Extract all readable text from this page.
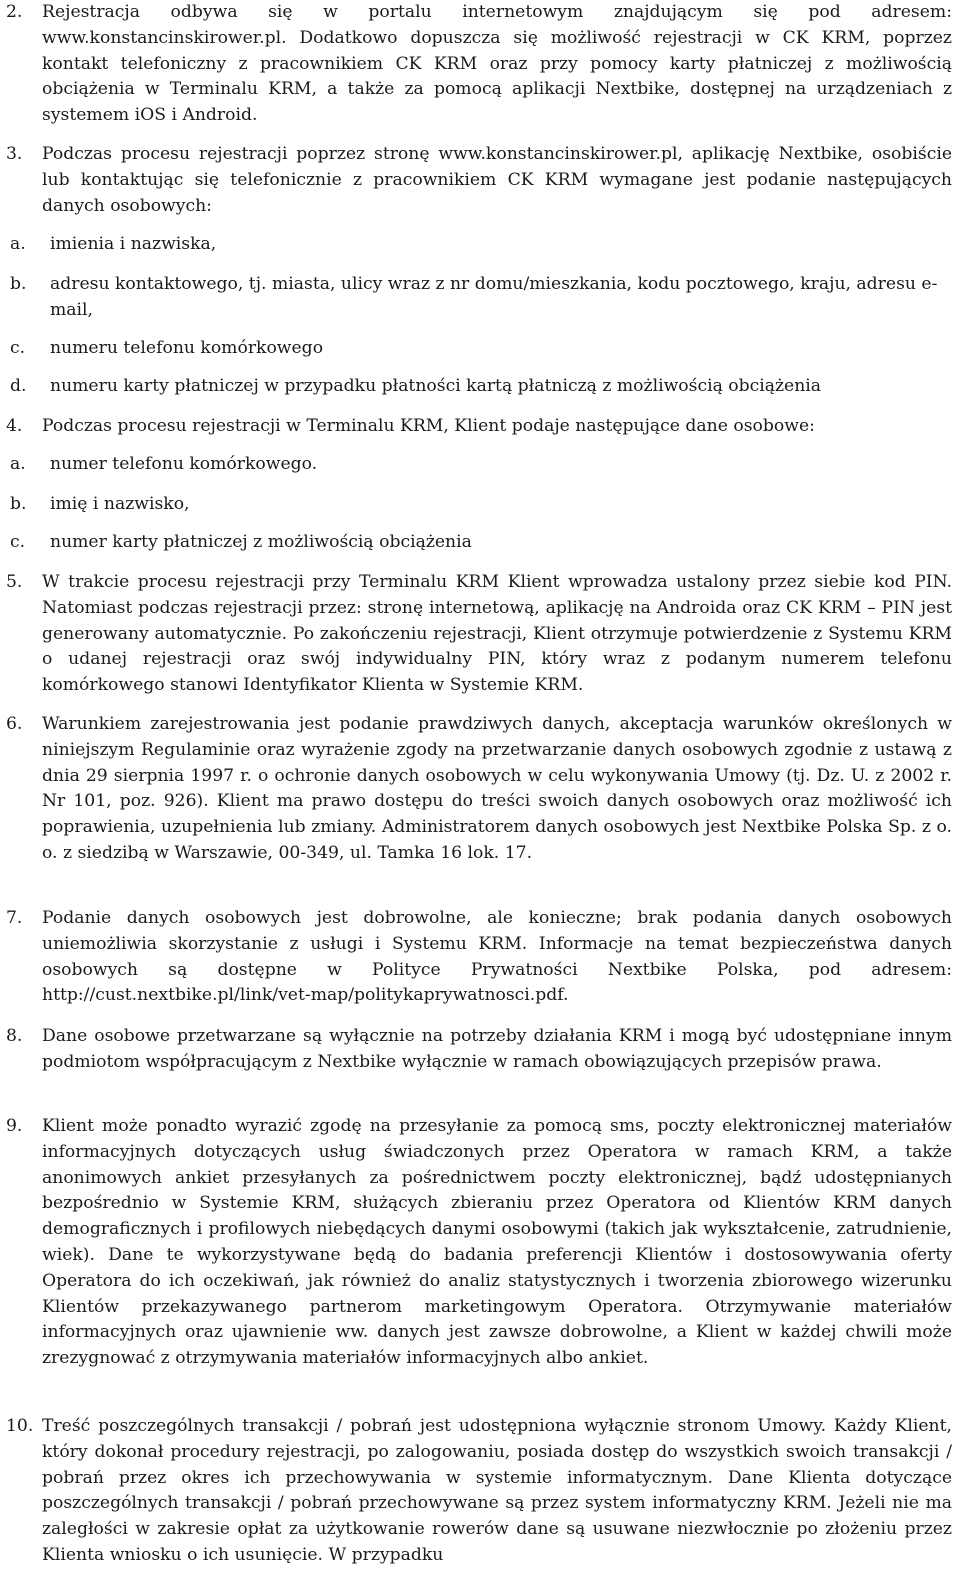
2. Rejestracja odbywa się w portalu internetowym znajdującym się pod adresem: www.konstancinskirower.pl. Dodatkowo dopuszcza się możliwość rejestracji w CK KRM, poprzez kontakt telefoniczny z pracownikiem CK KRM oraz przy pomocy karty płatniczej z możliwością obciążenia w Terminalu KRM, a także za pomocą aplikacji Nextbike, dostępnej na urządzeniach z systemem iOS i Android.
3. Podczas procesu rejestracji poprzez stronę www.konstancinskirower.pl, aplikację Nextbike, osobiście lub kontaktując się telefonicznie z pracownikiem CK KRM wymagane jest podanie następujących danych osobowych:
a. imienia i nazwiska,
b. adresu kontaktowego, tj. miasta, ulicy wraz z nr domu/mieszkania, kodu pocztowego, kraju, adresu e-mail,
c. numeru telefonu komórkowego
d. numeru karty płatniczej w przypadku płatności kartą płatniczą z możliwością obciążenia
4. Podczas procesu rejestracji w Terminalu KRM, Klient podaje następujące dane osobowe:
a. numer telefonu komórkowego.
b. imię i nazwisko,
c. numer karty płatniczej z możliwością obciążenia
5. W trakcie procesu rejestracji przy Terminalu KRM Klient wprowadza ustalony przez siebie kod PIN. Natomiast podczas rejestracji przez: stronę internetową, aplikację na Androida oraz CK KRM – PIN jest generowany automatycznie. Po zakończeniu rejestracji, Klient otrzymuje potwierdzenie z Systemu KRM o udanej rejestracji oraz swój indywidualny PIN, który wraz z podanym numerem telefonu komórkowego stanowi Identyfikator Klienta w Systemie KRM.
6. Warunkiem zarejestrowania jest podanie prawdziwych danych, akceptacja warunków określonych w niniejszym Regulaminie oraz wyrażenie zgody na przetwarzanie danych osobowych zgodnie z ustawą z dnia 29 sierpnia 1997 r. o ochronie danych osobowych w celu wykonywania Umowy (tj. Dz. U. z 2002 r. Nr 101, poz. 926). Klient ma prawo dostępu do treści swoich danych osobowych oraz możliwość ich poprawienia, uzupełnienia lub zmiany. Administratorem danych osobowych jest Nextbike Polska Sp. z o. o. z siedzibą w Warszawie, 00-349, ul. Tamka 16 lok. 17.
7. Podanie danych osobowych jest dobrowolne, ale konieczne; brak podania danych osobowych uniemożliwia skorzystanie z usługi i Systemu KRM. Informacje na temat bezpieczeństwa danych osobowych są dostępne w Polityce Prywatności Nextbike Polska, pod adresem: http://cust.nextbike.pl/link/vet-map/politykaprywatnosci.pdf.
8. Dane osobowe przetwarzane są wyłącznie na potrzeby działania KRM i mogą być udostępniane innym podmiotom współpracującym z Nextbike wyłącznie w ramach obowiązujących przepisów prawa.
9. Klient może ponadto wyrazić zgodę na przesyłanie za pomocą sms, poczty elektronicznej materiałów informacyjnych dotyczących usług świadczonych przez Operatora w ramach KRM, a także anonimowych ankiet przesyłanych za pośrednictwem poczty elektronicznej, bądź udostępnianych bezpośrednio w Systemie KRM, służących zbieraniu przez Operatora od Klientów KRM danych demograficznych i profilowych niebędących danymi osobowymi (takich jak wykształcenie, zatrudnienie, wiek). Dane te wykorzystywane będą do badania preferencji Klientów i dostosowywania oferty Operatora do ich oczekiwań, jak również do analiz statystycznych i tworzenia zbiorowego wizerunku Klientów przekazywanego partnerom marketingowym Operatora. Otrzymywanie materiałów informacyjnych oraz ujawnienie ww. danych jest zawsze dobrowolne, a Klient w każdej chwili może zrezygnować z otrzymywania materiałów informacyjnych albo ankiet.
10. Treść poszczególnych transakcji / pobrań jest udostępniona wyłącznie stronom Umowy. Każdy Klient, który dokonał procedury rejestracji, po zalogowaniu, posiada dostęp do wszystkich swoich transakcji / pobrań przez okres ich przechowywania w systemie informatycznym. Dane Klienta dotyczące poszczególnych transakcji / pobrań przechowywane są przez system informatyczny KRM. Jeżeli nie ma zaległości w zakresie opłat za użytkowanie rowerów dane są usuwane niezwłocznie po złożeniu przez Klienta wniosku o ich usunięcie. W przypadku
